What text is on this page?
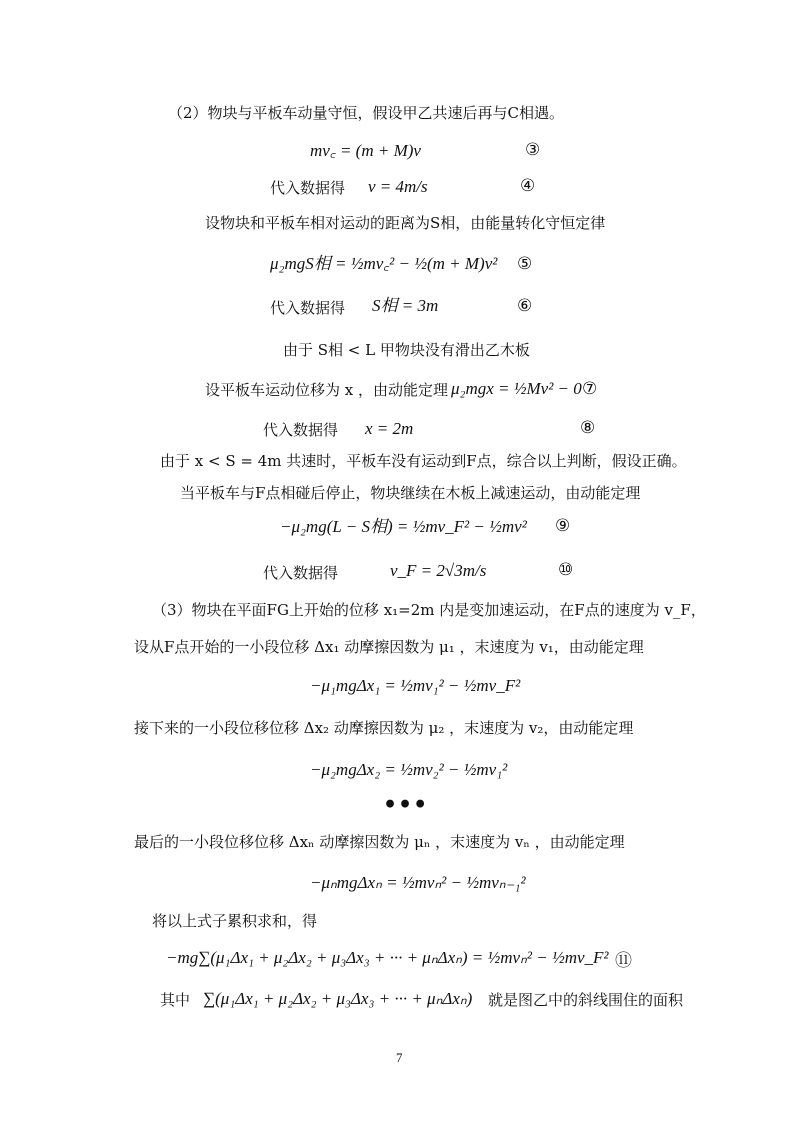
（2）物块与平板车动量守恒，假设甲乙共速后再与C相遇。
mv꜀ = (m + M)v	③
代入数据得 v = 4m/s	④
设物块和平板车相对运动的距离为S相，由能量转化守恒定律
μ₂mgS相 = ½mv꜀² − ½(m + M)v² ⑤
代入数据得 S相 = 3m	⑥
由于 S相 < L 甲物块没有滑出乙木板
设平板车运动位移为 x ，由动能定理 μ₂mgx = ½Mv² − 0 ⑦
代入数据得 x = 2m	⑧
由于 x < S = 4m 共速时，平板车没有运动到F点，综合以上判断，假设正确。
当平板车与F点相碰后停止，物块继续在木板上减速运动，由动能定理
−μ₂mg(L − S相) = ½mv_F² − ½mv² ⑨
代入数据得	v_F = 2√3m/s	⑩
（3）物块在平面FG上开始的位移 x₁=2m 内是变加速运动，在F点的速度为 v_F，
设从F点开始的一小段位移 Δx₁ 动摩擦因数为 μ₁ ，末速度为 v₁，由动能定理
−μ₁mgΔx₁ = ½mv₁² − ½mv_F²
接下来的一小段位移位移 Δx₂ 动摩擦因数为 μ₂ ，末速度为 v₂，由动能定理
−μ₂mgΔx₂ = ½mv₂² − ½mv₁²
•••
最后的一小段位移位移 Δxₙ 动摩擦因数为 μₙ ，末速度为 vₙ ，由动能定理
−μₙmgΔxₙ = ½mvₙ² − ½mvₙ₋₁²
将以上式子累积求和，得
−mg∑(μ₁Δx₁ + μ₂Δx₂ + μ₃Δx₃ + ··· + μₙΔxₙ) = ½mvₙ² − ½mv_F² ⑪
其中 ∑(μ₁Δx₁ + μ₂Δx₂ + μ₃Δx₃ + ··· + μₙΔxₙ) 就是图乙中的斜线围住的面积
7
